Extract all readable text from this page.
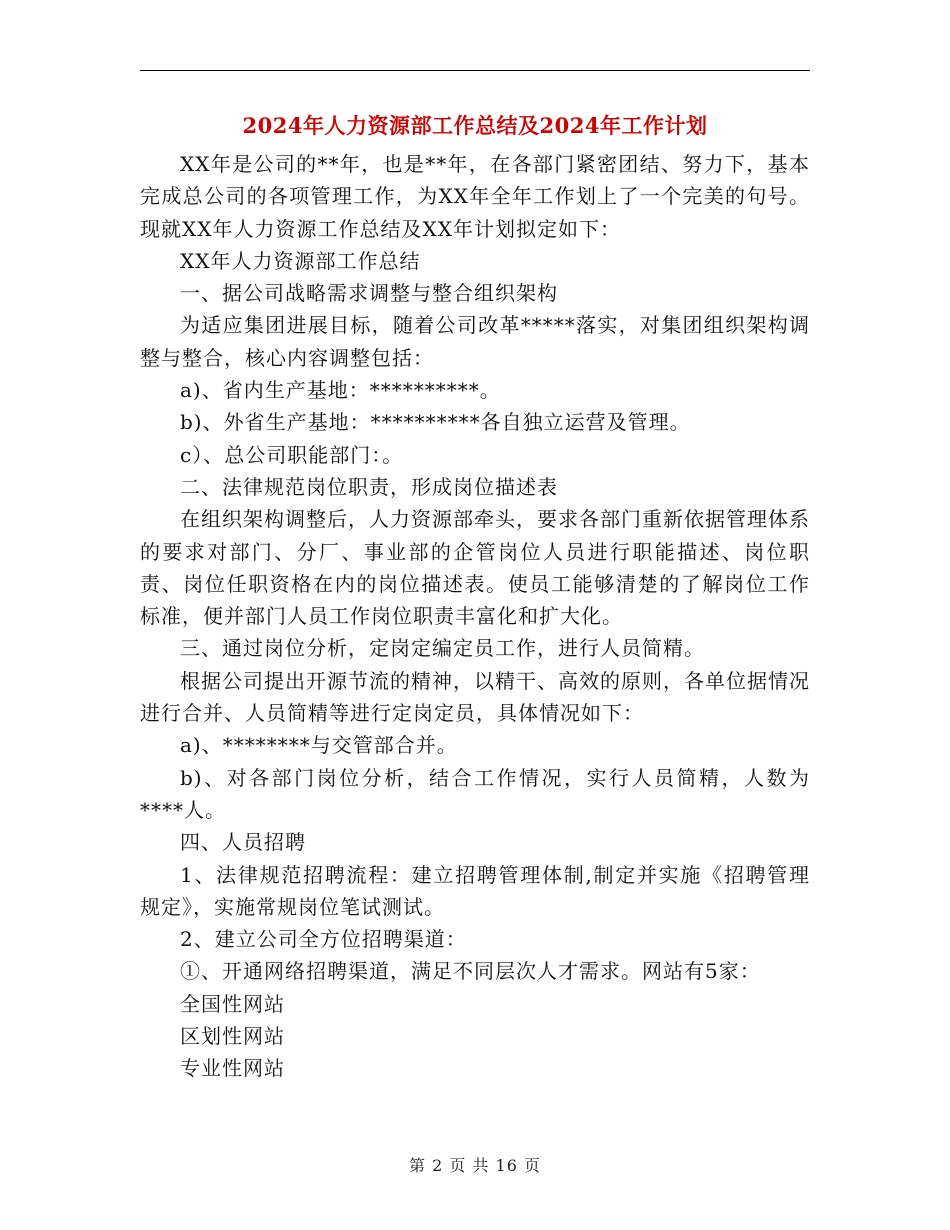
2024年人力资源部工作总结及2024年工作计划

XX年是公司的**年，也是**年，在各部门紧密团结、努力下，基本完成总公司的各项管理工作，为XX年全年工作划上了一个完美的句号。现就XX年人力资源工作总结及XX年计划拟定如下：

XX年人力资源部工作总结

一、据公司战略需求调整与整合组织架构

为适应集团进展目标，随着公司改革*****落实，对集团组织架构调整与整合，核心内容调整包括：

a)、省内生产基地：**********。

b)、外省生产基地：**********各自独立运营及管理。

c）、总公司职能部门：。

二、法律规范岗位职责，形成岗位描述表

在组织架构调整后，人力资源部牵头，要求各部门重新依据管理体系的要求对部门、分厂、事业部的企管岗位人员进行职能描述、岗位职责、岗位任职资格在内的岗位描述表。使员工能够清楚的了解岗位工作标准，便并部门人员工作岗位职责丰富化和扩大化。

三、通过岗位分析，定岗定编定员工作，进行人员简精。

根据公司提出开源节流的精神，以精干、高效的原则，各单位据情况进行合并、人员简精等进行定岗定员，具体情况如下：

a)、********与交管部合并。

b)、对各部门岗位分析，结合工作情况，实行人员简精，人数为****人。

四、人员招聘

1、法律规范招聘流程：建立招聘管理体制,制定并实施《招聘管理规定》，实施常规岗位笔试测试。

2、建立公司全方位招聘渠道：

①、开通网络招聘渠道，满足不同层次人才需求。网站有5家：

全国性网站

区划性网站

专业性网站

第 2 页 共 16 页
